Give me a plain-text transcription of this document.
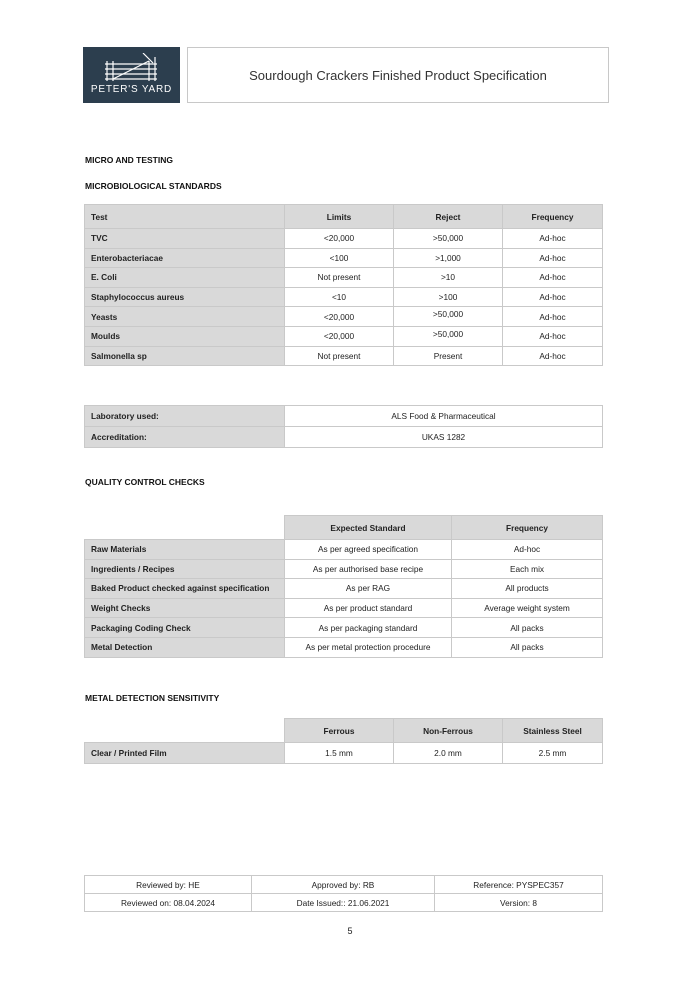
PETER'S YARD
Sourdough Crackers Finished Product Specification
MICRO AND TESTING
MICROBIOLOGICAL STANDARDS
Test	Limits	Reject	Frequency
TVC	<20,000	>50,000	Ad-hoc
Enterobacteriacae	<100	>1,000	Ad-hoc
E. Coli	Not present	>10	Ad-hoc
Staphylococcus aureus	<10	>100	Ad-hoc
Yeasts	<20,000	>50,000	Ad-hoc
Moulds	<20,000	>50,000	Ad-hoc
Salmonella sp	Not present	Present	Ad-hoc
Laboratory used:	ALS Food & Pharmaceutical
Accreditation:	UKAS 1282
QUALITY CONTROL CHECKS
	Expected Standard	Frequency
Raw Materials	As per agreed specification	Ad-hoc
Ingredients / Recipes	As per authorised base recipe	Each mix
Baked Product checked against specification	As per RAG	All products
Weight Checks	As per product standard	Average weight system
Packaging Coding Check	As per packaging standard	All packs
Metal Detection	As per metal protection procedure	All packs
METAL DETECTION SENSITIVITY
	Ferrous	Non-Ferrous	Stainless Steel
Clear / Printed Film	1.5 mm	2.0 mm	2.5 mm
Reviewed by: HE	Approved by: RB	Reference: PYSPEC357
Reviewed on: 08.04.2024	Date Issued:: 21.06.2021	Version: 8
5
